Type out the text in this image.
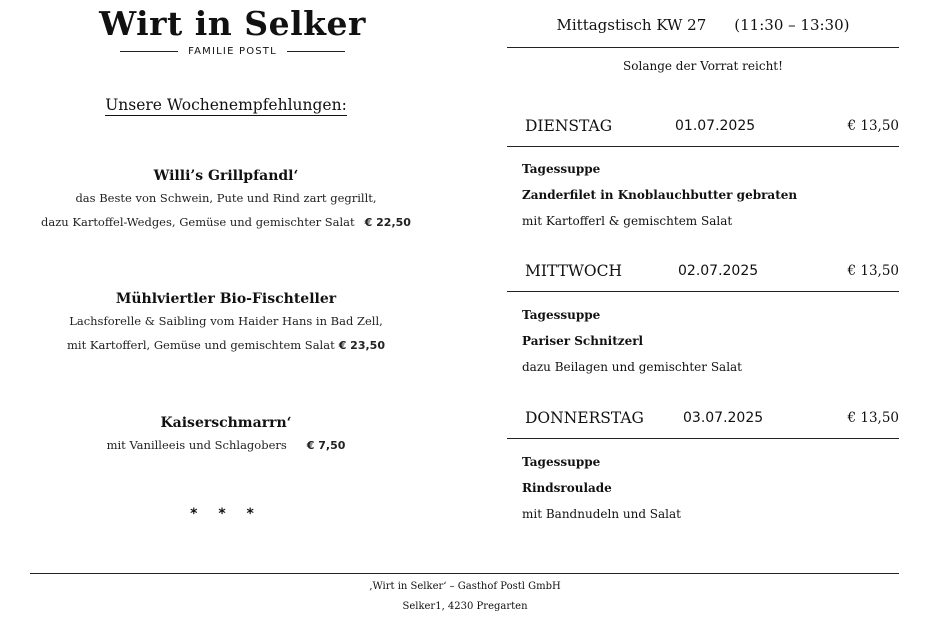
Wirt in Selker
FAMILIE POSTL
Unsere Wochenempfehlungen:
Willi’s Grillpfandl‘
das Beste von Schwein, Pute und Rind zart gegrillt,
dazu Kartoffel-Wedges, Gemüse und gemischter Salat € 22,50
Mühlviertler Bio-Fischteller
Lachsforelle & Saibling vom Haider Hans in Bad Zell,
mit Kartofferl, Gemüse und gemischtem Salat € 23,50
Kaiserschmarrn‘
mit Vanilleeis und Schlagobers € 7,50
* * *
Mittagstisch KW 27 (11:30 – 13:30)
Solange der Vorrat reicht!
DIENSTAG	01.07.2025	€ 13,50
Tagessuppe
Zanderfilet in Knoblauchbutter gebraten
mit Kartofferl & gemischtem Salat
MITTWOCH	02.07.2025	€ 13,50
Tagessuppe
Pariser Schnitzerl
dazu Beilagen und gemischter Salat
DONNERSTAG	03.07.2025	€ 13,50
Tagessuppe
Rindsroulade
mit Bandnudeln und Salat
‚Wirt in Selker‘ – Gasthof Postl GmbH
Selker1, 4230 Pregarten
